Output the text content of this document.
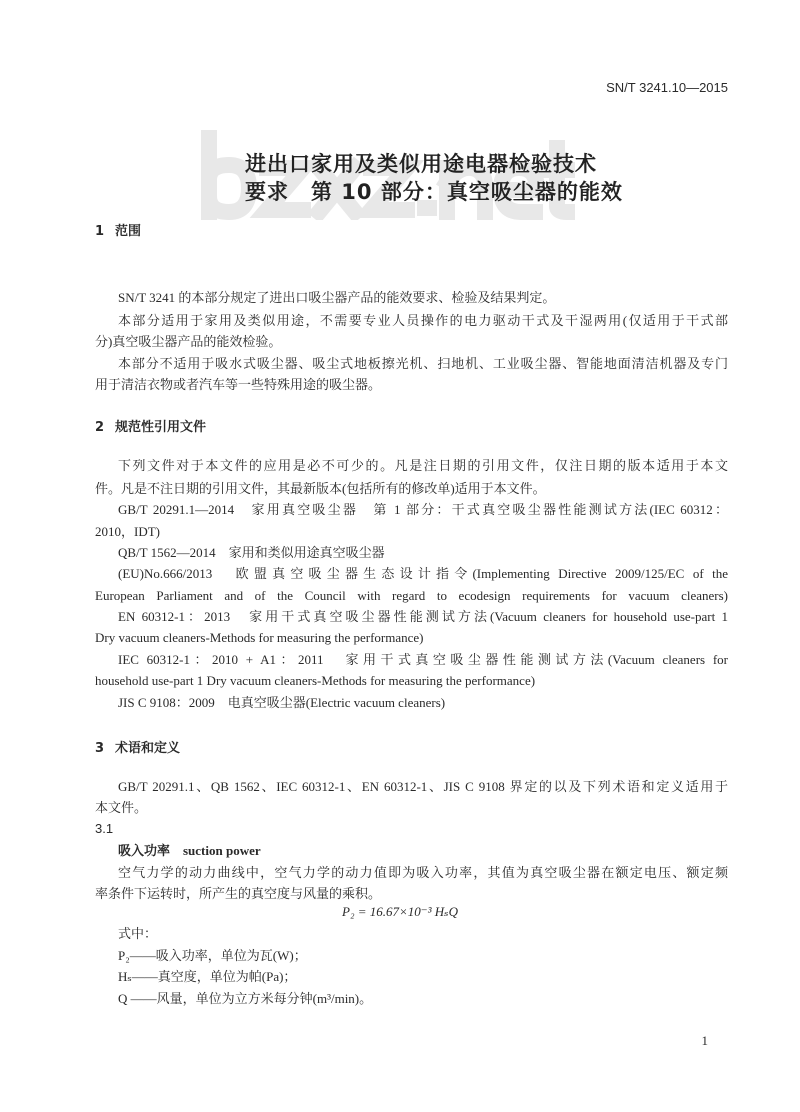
SN/T 3241.10—2015
进出口家用及类似用途电器检验技术
要求　第 10 部分：真空吸尘器的能效
1 范围
SN/T 3241 的本部分规定了进出口吸尘器产品的能效要求、检验及结果判定。
本部分适用于家用及类似用途，不需要专业人员操作的电力驱动干式及干湿两用(仅适用于干式部
分)真空吸尘器产品的能效检验。
本部分不适用于吸水式吸尘器、吸尘式地板擦光机、扫地机、工业吸尘器、智能地面清洁机器及专门
用于清洁衣物或者汽车等一些特殊用途的吸尘器。
2 规范性引用文件
下列文件对于本文件的应用是必不可少的。凡是注日期的引用文件，仅注日期的版本适用于本文
件。凡是不注日期的引用文件，其最新版本(包括所有的修改单)适用于本文件。
GB/T 20291.1—2014　家用真空吸尘器　第 1 部分：干式真空吸尘器性能测试方法(IEC 60312：
2010，IDT)
QB/T 1562—2014　家用和类似用途真空吸尘器
(EU)No.666/2013　欧盟真空吸尘器生态设计指令(Implementing Directive 2009/125/EC of the
European Parliament and of the Council with regard to ecodesign requirements for vacuum cleaners)
EN 60312-1：2013　家用干式真空吸尘器性能测试方法(Vacuum cleaners for household use-part 1
Dry vacuum cleaners-Methods for measuring the performance)
IEC 60312-1：2010 + A1：2011　家用干式真空吸尘器性能测试方法(Vacuum cleaners for
household use-part 1 Dry vacuum cleaners-Methods for measuring the performance)
JIS C 9108：2009　电真空吸尘器(Electric vacuum cleaners)
3 术语和定义
GB/T 20291.1、QB 1562、IEC 60312-1、EN 60312-1、JIS C 9108 界定的以及下列术语和定义适用于
本文件。
3.1
吸入功率　suction power
空气力学的动力曲线中，空气力学的动力值即为吸入功率，其值为真空吸尘器在额定电压、额定频
率条件下运转时，所产生的真空度与风量的乘积。
P₂ = 16.67×10⁻³ HₛQ
式中：
P₂——吸入功率，单位为瓦(W)；
Hₛ——真空度，单位为帕(Pa)；
Q ——风量，单位为立方米每分钟(m³/min)。
1
